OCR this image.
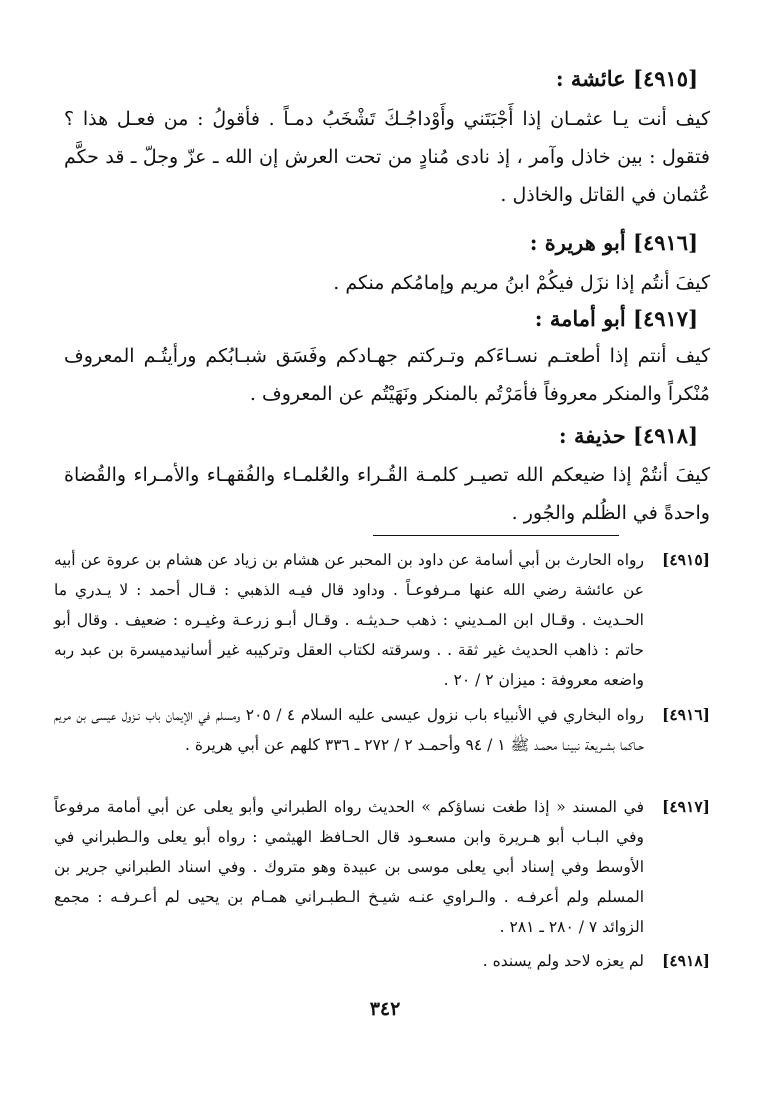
[٤٩١٥] عائشة :
كيف أنت يـا عثمـان إذا أَجْبَتَني وأَوْداجُـكَ تَشْخَبُ دمـاً . فأقولُ : من فعـل هذا ؟ فتقول : بين خاذل وآمر ، إذ نادى مُنادٍ من تحت العرش إن الله ـ عزّ وجلّ ـ قد حكَّم عُثمان في القاتل والخاذل .
[٤٩١٦] أبو هريرة :
كيفَ أنتُم إذا نزَل فيكُمْ ابنُ مريم وإمامُكم منكم .
[٤٩١٧] أبو أمامة :
كيف أنتم إذا أطعتـم نسـاءَكم وتـركتم جهـادكم وفَسَق شبـابُكم ورأيتُـم المعروف مُنْكراً والمنكر معروفاً فأمَرْتُم بالمنكر ونَهَيْتُم عن المعروف .
[٤٩١٨] حذيفة :
كيفَ أنتُمْ إذا ضيعكم الله تصيـر كلمـة القُـراء والعُلمـاء والفُقهـاء والأمـراء والقُضاة واحدةً في الظُلم والجُور .
[٤٩١٥]
رواه الحارث بن أبي أسامة عن داود بن المحبر عن هشام بن زياد عن هشام بن عروة عن أبيه عن عائشة رضي الله عنها مـرفوعـاً . وداود قال فيـه الذهبي : قـال أحمد : لا يـدري ما الحـديث . وقـال ابن المـديني : ذهب حـديثـه . وقـال أبـو زرعـة وغيـره : ضعيف . وقال أبو حاتم : ذاهب الحديث غير ثقة . . وسرقته لكتاب العقل وتركيبه غير أسانيدميسرة بن عبد ربه واضعه معروفة : ميزان ٢ / ٢٠ .
[٤٩١٦]
رواه البخاري في الأنبياء باب نزول عيسى عليه السلام ٤ / ٢٠٥ ومسلم في الإيمان باب نـزول عيسى بن مريم حـاكما بشـريعة نبينـا محمـد ﷺ ١ / ٩٤ وأحمـد ٢ / ٢٧٢ ـ ٣٣٦ كلهم عن أبي هريرة .
[٤٩١٧]
في المسند « إذا طغت نساؤكم » الحديث رواه الطبراني وأبو يعلى عن أبي أمامة مرفوعاً وفي البـاب أبو هـريرة وابن مسعـود قال الحـافظ الهيثمي : رواه أبو يعلى والـطبراني في الأوسط وفي إسناد أبي يعلى موسى بن عبيدة وهو متروك . وفي اسناد الطبراني جرير بن المسلم ولم أعرفـه . والـراوي عنـه شيـخ الـطبـراني همـام بن يحيى لم أعـرفـه : مجمع الزوائد ٧ / ٢٨٠ ـ ٢٨١ .
[٤٩١٨]
لم يعزه لاحد ولم يسنده .
٣٤٢
